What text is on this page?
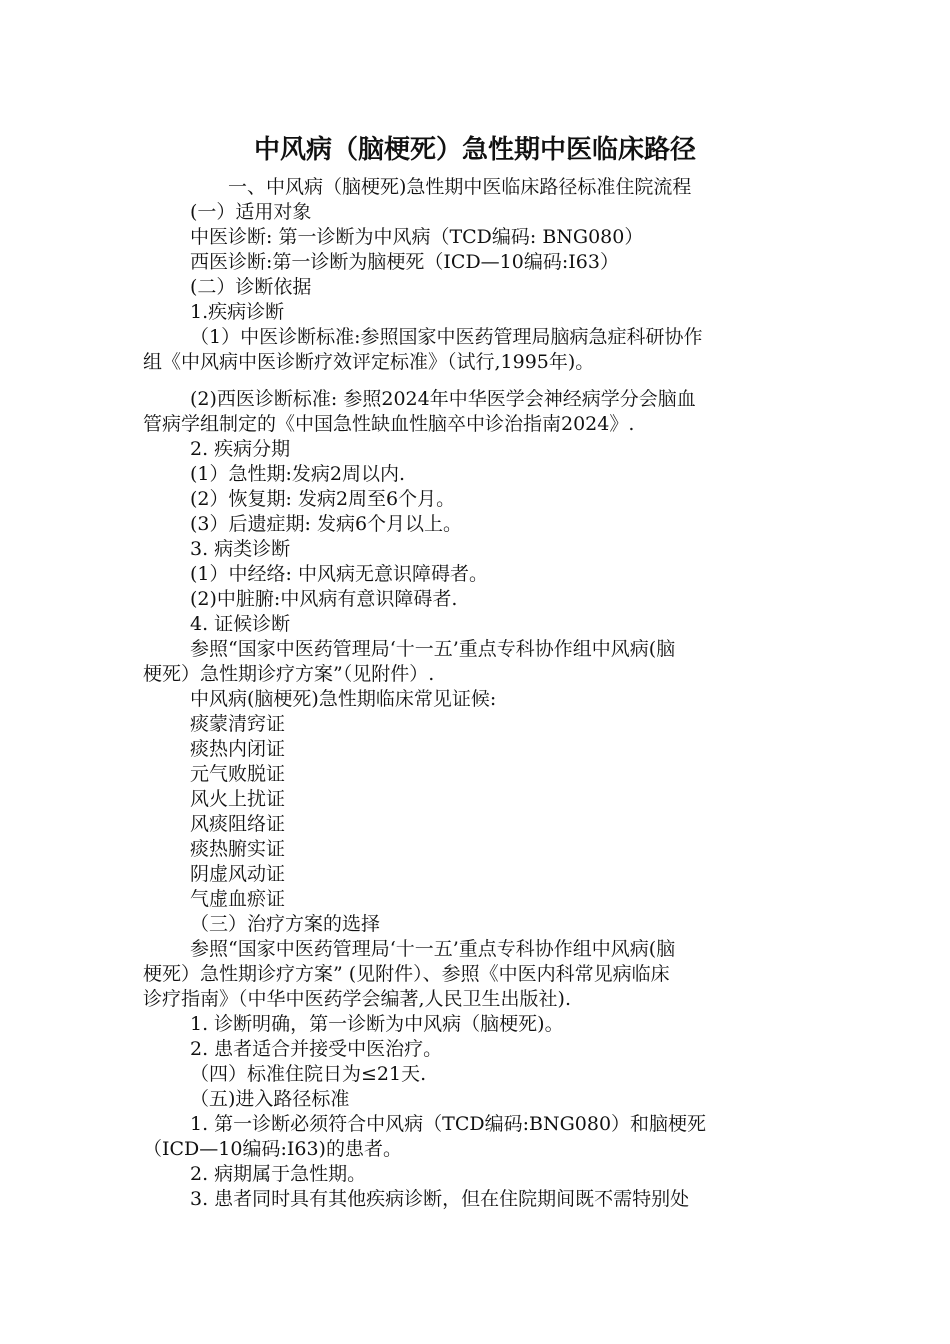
中风病（脑梗死）急性期中医临床路径
一、中风病（脑梗死)急性期中医临床路径标准住院流程
(一）适用对象
中医诊断: 第一诊断为中风病（TCD编码: BNG080）
西医诊断:第一诊断为脑梗死（ICD—10编码:I63）
(二）诊断依据
1.疾病诊断
（1）中医诊断标准:参照国家中医药管理局脑病急症科研协作
组《中风病中医诊断疗效评定标准》（试行,1995年)。
(2)西医诊断标准: 参照2024年中华医学会神经病学分会脑血
管病学组制定的《中国急性缺血性脑卒中诊治指南2024》.
2. 疾病分期
(1）急性期:发病2周以内.
(2）恢复期: 发病2周至6个月。
(3）后遗症期: 发病6个月以上。
3. 病类诊断
(1）中经络: 中风病无意识障碍者。
(2)中脏腑:中风病有意识障碍者.
4. 证候诊断
参照“国家中医药管理局‘十一五’重点专科协作组中风病(脑
梗死）急性期诊疗方案”（见附件）.
中风病(脑梗死)急性期临床常见证候:
痰蒙清窍证
痰热内闭证
元气败脱证
风火上扰证
风痰阻络证
痰热腑实证
阴虚风动证
气虚血瘀证
（三）治疗方案的选择
参照“国家中医药管理局‘十一五’重点专科协作组中风病(脑
梗死）急性期诊疗方案” (见附件）、参照《中医内科常见病临床
诊疗指南》（中华中医药学会编著,人民卫生出版社).
1. 诊断明确，第一诊断为中风病（脑梗死)。
2. 患者适合并接受中医治疗。
（四）标准住院日为≤21天.
（五)进入路径标准
1. 第一诊断必须符合中风病（TCD编码:BNG080）和脑梗死
（ICD—10编码:I63)的患者。
2. 病期属于急性期。
3. 患者同时具有其他疾病诊断，但在住院期间既不需特别处
